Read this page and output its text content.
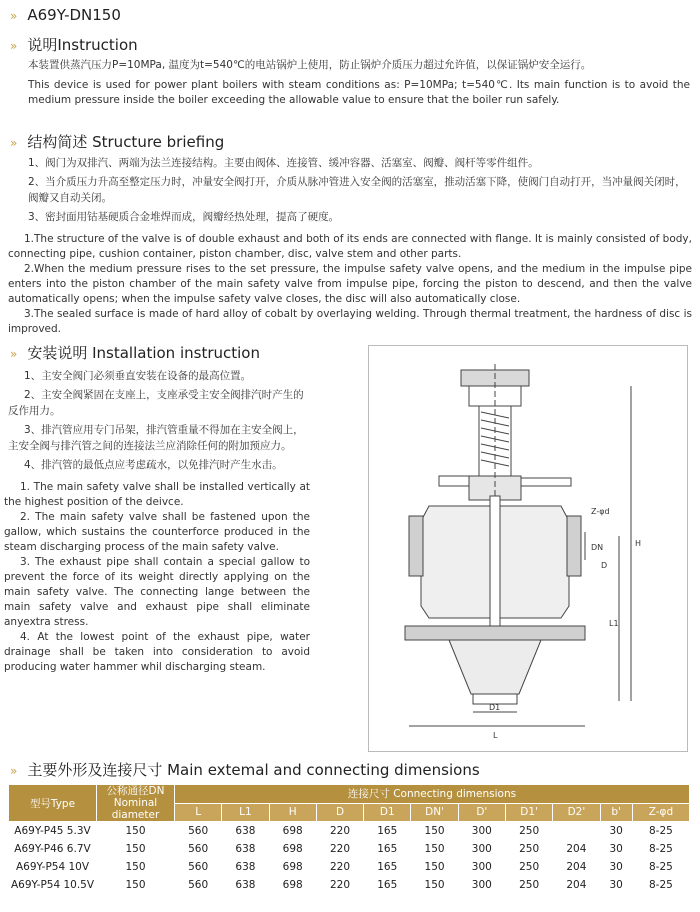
» A69Y-DN150
» 说明Instruction
本装置供蒸汽压力P=10MPa, 温度为t=540℃的电站锅炉上使用，防止锅炉介质压力超过允许值，以保证锅炉安全运行。
This device is used for power plant boilers with steam conditions as: P=10MPa; t=540℃. Its main function is to avoid the medium pressure inside the boiler exceeding the allowable value to ensure that the boiler run safely.
» 结构简述 Structure briefing
1、阀门为双排汽、两端为法兰连接结构。主要由阀体、连接管、缓冲容器、活塞室、阀瓣、阀杆等零件组件。
2、当介质压力升高至整定压力时，冲量安全阀打开，介质从脉冲管进入安全阀的活塞室，推动活塞下降，使阀门自动打开，当冲量阀关闭时，阀瓣又自动关闭。
3、密封面用钴基硬质合金堆焊而成，阀瓣经热处理，提高了硬度。
1.The structure of the valve is of double exhaust and both of its ends are connected with flange. It is mainly consisted of body, connecting pipe, cushion container, piston chamber, disc, valve stem and other parts.
2.When the medium pressure rises to the set pressure, the impulse safety valve opens, and the medium in the impulse pipe enters into the piston chamber of the main safety valve from impulse pipe, forcing the piston to descend, and then the valve automatically opens; when the impulse safety valve closes, the disc will also automatically close.
3.The sealed surface is made of hard alloy of cobalt by overlaying welding. Through thermal treatment, the hardness of disc is improved.
» 安装说明 Installation instruction
1、主安全阀门必须垂直安装在设备的最高位置。
2、主安全阀紧固在支座上，支座承受主安全阀排汽时产生的反作用力。
3、排汽管应用专门吊架，排汽管重量不得加在主安全阀上，主安全阀与排汽管之间的连接法兰应消除任何的附加预应力。
4、排汽管的最低点应考虑疏水，以免排汽时产生水击。
1. The main safety valve shall be installed vertically at the highest position of the deivce.
2. The main safety valve shall be fastened upon the gallow, which sustains the counterforce produced in the steam discharging process of the main safety valve.
3. The exhaust pipe shall contain a special gallow to prevent the force of its weight directly applying on the main safety valve. The connecting lange between the main safety valve and exhaust pipe shall eliminate anyextra stress.
4. At the lowest point of the exhaust pipe, water drainage shall be taken into consideration to avoid producing water hammer whil discharging steam.
H
L1
L
D1
DN
Z-φd
D
» 主要外形及连接尺寸 Main extemal and connecting dimensions
型号Type	公称通径DN
Nominal diameter	连接尺寸 Connecting dimensions										
		L	L1	H	D	D1	DN'	D'	D1'	D2'	b'	Z-φd
A69Y-P45 5.3V	150	560	638	698	220	165	150	300	250		30	8-25
A69Y-P46 6.7V	150	560	638	698	220	165	150	300	250	204	30	8-25
A69Y-P54 10V	150	560	638	698	220	165	150	300	250	204	30	8-25
A69Y-P54 10.5V	150	560	638	698	220	165	150	300	250	204	30	8-25
